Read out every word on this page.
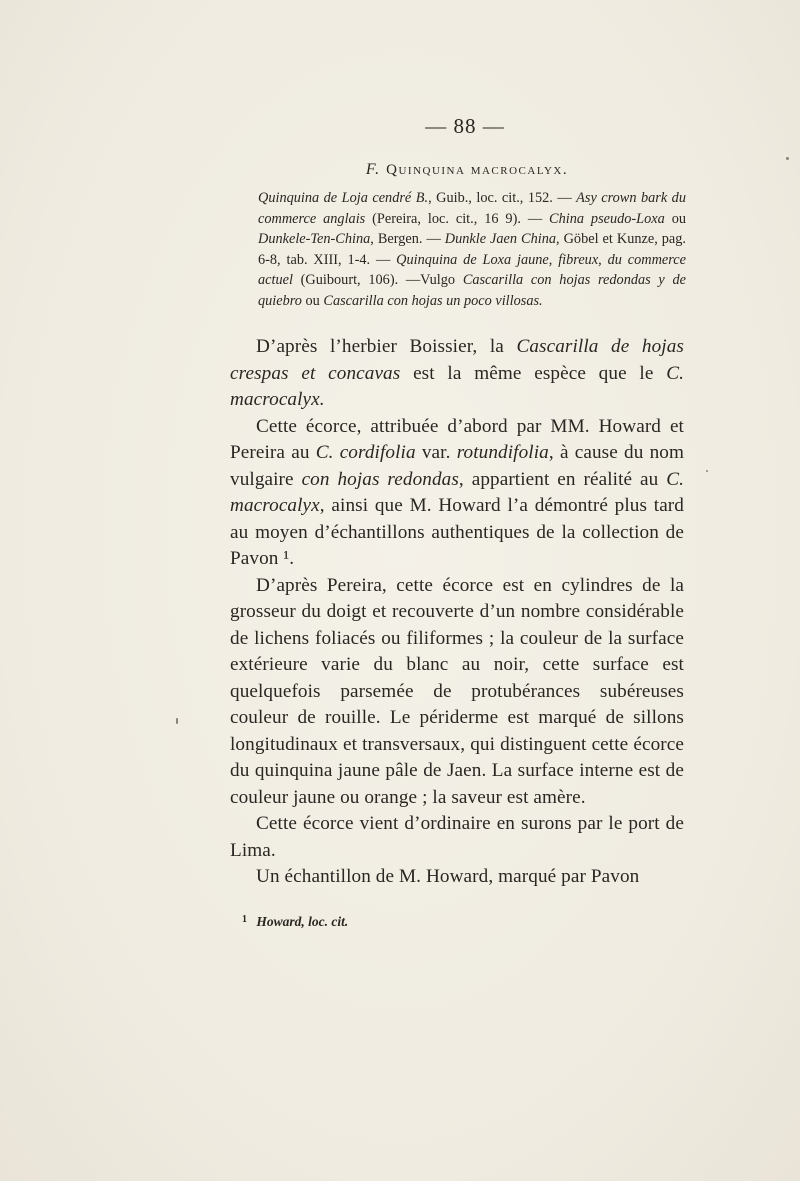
— 88 —
F. Quinquina macrocalyx.
Quinquina de Loja cendré B., Guib., loc. cit., 152. — Asy crown bark du commerce anglais (Pereira, loc. cit., 16 9). — China pseudo-Loxa ou Dunkele-Ten-China, Bergen. — Dunkle Jaen China, Göbel et Kunze, pag. 6-8, tab. XIII, 1-4. — Quinquina de Loxa jaune, fibreux, du commerce actuel (Guibourt, 106). —Vulgo Cascarilla con hojas redondas y de quiebro ou Cascarilla con hojas un poco villosas.

D’après l’herbier Boissier, la Cascarilla de hojas crespas et concavas est la même espèce que le C. macrocalyx.

Cette écorce, attribuée d’abord par MM. Howard et Pereira au C. cordifolia var. rotundifolia, à cause du nom vulgaire con hojas redondas, appartient en réalité au C. macrocalyx, ainsi que M. Howard l’a démontré plus tard au moyen d’échantillons authentiques de la collection de Pavon ¹.

D’après Pereira, cette écorce est en cylindres de la grosseur du doigt et recouverte d’un nombre considérable de lichens foliacés ou filiformes ; la couleur de la surface extérieure varie du blanc au noir, cette surface est quelquefois parsemée de protubérances subéreuses couleur de rouille. Le périderme est marqué de sillons longitudinaux et transversaux, qui distinguent cette écorce du quinquina jaune pâle de Jaen. La surface interne est de couleur jaune ou orange ; la saveur est amère.

Cette écorce vient d’ordinaire en surons par le port de Lima.

Un échantillon de M. Howard, marqué par Pavon

$^1$ Howard, loc. cit.
